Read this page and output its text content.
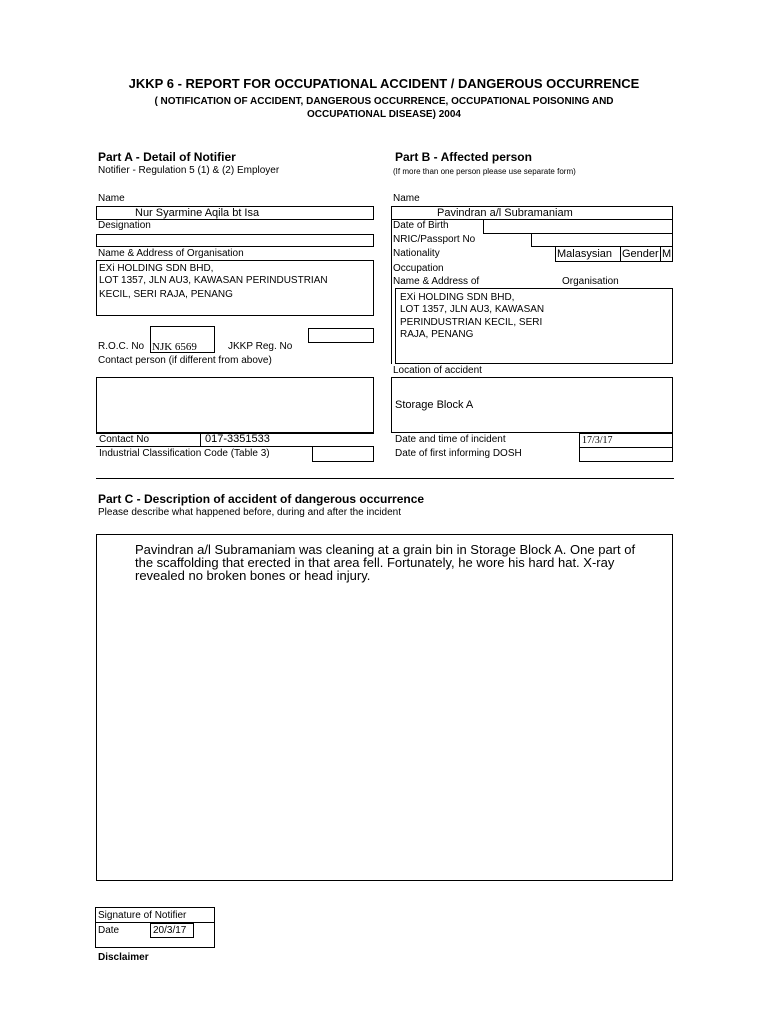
JKKP 6 - REPORT FOR OCCUPATIONAL ACCIDENT / DANGEROUS OCCURRENCE
( NOTIFICATION OF ACCIDENT, DANGEROUS OCCURRENCE, OCCUPATIONAL POISONING AND
OCCUPATIONAL DISEASE) 2004
Part A - Detail of Notifier
Notifier - Regulation 5 (1) & (2) Employer
Name
Nur Syarmine Aqila bt Isa
Designation
Name & Address of Organisation
EXi HOLDING SDN BHD,
LOT 1357, JLN AU3, KAWASAN PERINDUSTRIAN
KECIL, SERI RAJA, PENANG
R.O.C. No NJK 6569	JKKP Reg. No
Contact person (if different from above)
Contact No	017-3351533
Industrial Classification Code (Table 3)
Part B - Affected person
(If more than one person please use separate form)
Name
Pavindran a/l Subramaniam
Date of Birth
NRIC/Passport No
Nationality	Malasysian Gender M
Occupation
Name & Address of	Organisation
EXi HOLDING SDN BHD,
LOT 1357, JLN AU3, KAWASAN
PERINDUSTRIAN KECIL, SERI
RAJA, PENANG
Location of accident
Storage Block A
Date and time of incident	17/3/17
Date of first informing DOSH
Part C - Description of accident of dangerous occurrence
Please describe what happened before, during and after the incident
Pavindran a/l Subramaniam was cleaning at a grain bin in Storage Block A. One part of
the scaffolding that erected in that area fell. Fortunately, he wore his hard hat. X-ray
revealed no broken bones or head injury.
Signature of Notifier
Date	20/3/17
Disclaimer
